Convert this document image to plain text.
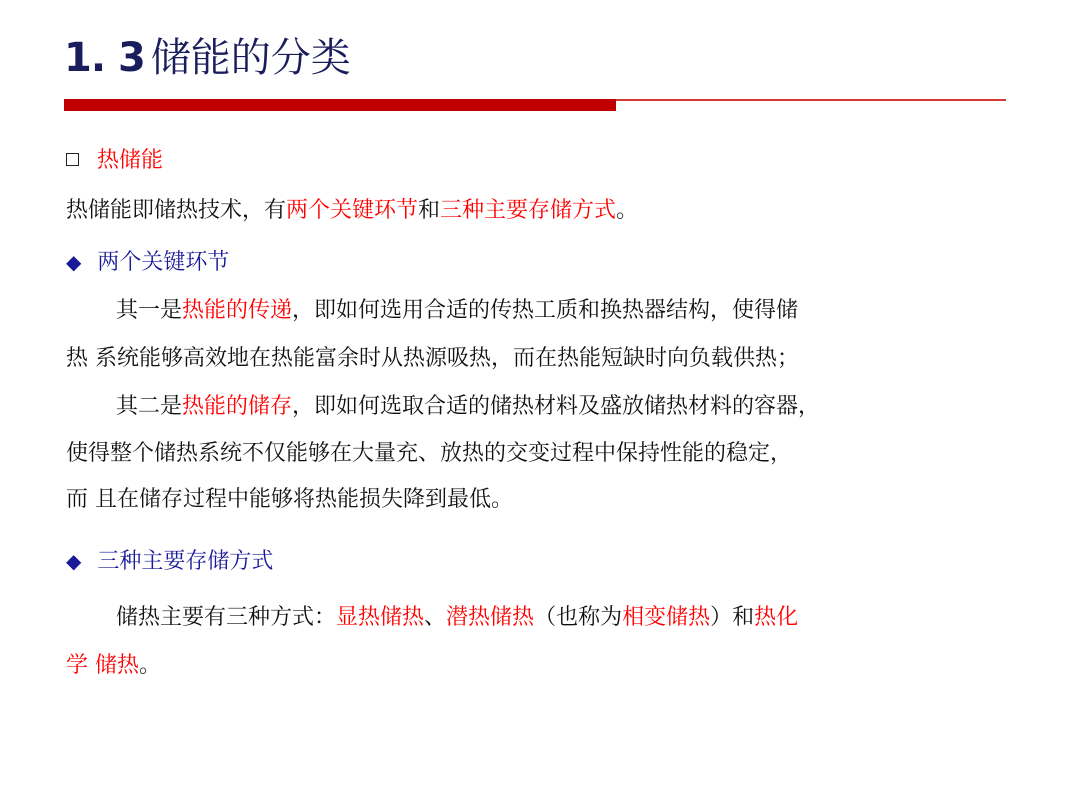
1. 3 储能的分类
热储能
热储能即储热技术，有两个关键环节和三种主要存储方式。
◆ 两个关键环节
其一是热能的传递，即如何选用合适的传热工质和换热器结构，使得储
热 系统能够高效地在热能富余时从热源吸热，而在热能短缺时向负载供热；
其二是热能的储存，即如何选取合适的储热材料及盛放储热材料的容器，
使得整个储热系统不仅能够在大量充、放热的交变过程中保持性能的稳定，
而 且在储存过程中能够将热能损失降到最低。
◆ 三种主要存储方式
储热主要有三种方式：显热储热、潜热储热（也称为相变储热）和热化
学 储热。
